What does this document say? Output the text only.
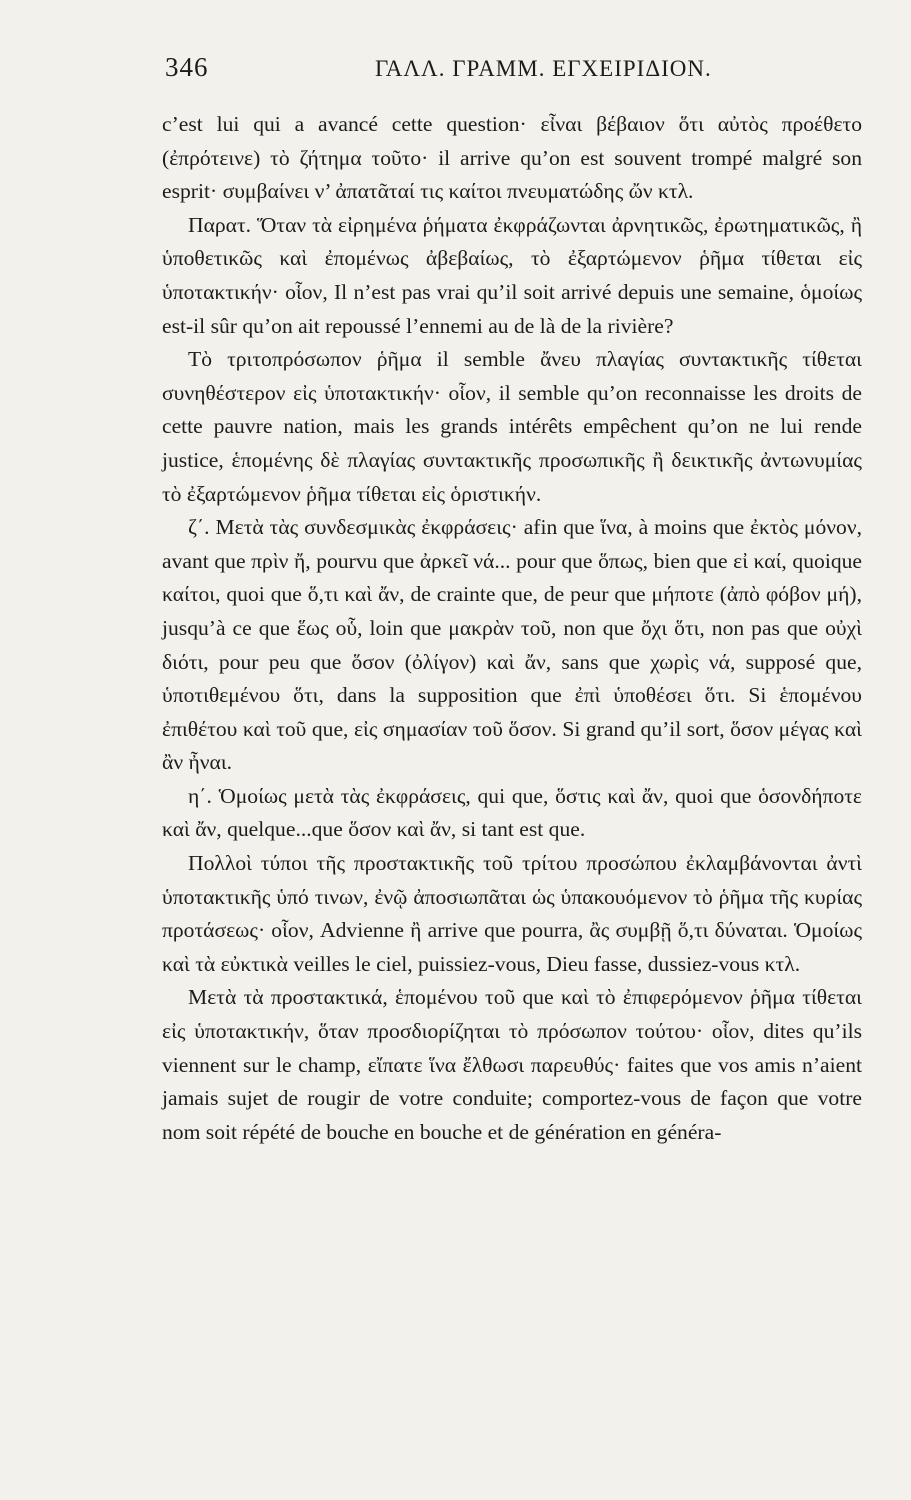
346	ΓΑΛΛ. ΓΡΑΜΜ. ΕΓΧΕΙΡΙΔΙΟΝ.

c’est lui qui a avancé cette question· εἶναι βέβαιον ὅτι αὐτὸς προέθετο (ἐπρότεινε) τὸ ζήτημα τοῦτο· il arrive qu’on est souvent trompé malgré son esprit· συμβαίνει ν’ ἀπατᾶταί τις καίτοι πνευματώδης ὤν κτλ.

Παρατ. Ὅταν τὰ εἰρημένα ῥήματα ἐκφράζωνται ἀρνητικῶς, ἐρωτηματικῶς, ἢ ὑποθετικῶς καὶ ἐπομένως ἀβεβαίως, τὸ ἐξαρτώμενον ῥῆμα τίθεται εἰς ὑποτακτικήν· οἷον, Il n’est pas vrai qu’il soit arrivé depuis une semaine, ὁμοίως est-il sûr qu’on ait repoussé l’ennemi au de là de la rivière?

Τὸ τριτοπρόσωπον ῥῆμα il semble ἄνευ πλαγίας συντακτικῆς τίθεται συνηθέστερον εἰς ὑποτακτικήν· οἷον, il semble qu’on reconnaisse les droits de cette pauvre nation, mais les grands intérêts empêchent qu’on ne lui rende justice, ἑπομένης δὲ πλαγίας συντακτικῆς προσωπικῆς ἢ δεικτικῆς ἀντωνυμίας τὸ ἐξαρτώμενον ῥῆμα τίθεται εἰς ὁριστικήν.

ζ΄. Μετὰ τὰς συνδεσμικὰς ἐκφράσεις· afin que ἵνα, à moins que ἐκτὸς μόνον, avant que πρὶν ἤ, pourvu que ἀρκεῖ νά... pour que ὅπως, bien que εἰ καί, quoique καίτοι, quoi que ὅ,τι καὶ ἄν, de crainte que, de peur que μήποτε (ἀπὸ φόβον μή), jusqu’à ce que ἕως οὗ, loin que μακρὰν τοῦ, non que ὄχι ὅτι, non pas que οὐχὶ διότι, pour peu que ὅσον (ὀλίγον) καὶ ἄν, sans que χωρὶς νά, supposé que, ὑποτιθεμένου ὅτι, dans la supposition que ἐπὶ ὑποθέσει ὅτι. Si ἑπομένου ἐπιθέτου καὶ τοῦ que, εἰς σημασίαν τοῦ ὅσον. Si grand qu’il sort, ὅσον μέγας καὶ ἂν ἦναι.

η΄. Ὁμοίως μετὰ τὰς ἐκφράσεις, qui que, ὅστις καὶ ἄν, quoi que ὁσονδήποτε καὶ ἄν, quelque...que ὅσον καὶ ἄν, si tant est que.

Πολλοὶ τύποι τῆς προστακτικῆς τοῦ τρίτου προσώπου ἐκλαμβάνονται ἀντὶ ὑποτακτικῆς ὑπό τινων, ἐνῷ ἀποσιωπᾶται ὡς ὑπακουόμενον τὸ ῥῆμα τῆς κυρίας προτάσεως· οἷον, Advienne ἢ arrive que pourra, ἂς συμβῇ ὅ,τι δύναται. Ὁμοίως καὶ τὰ εὐκτικὰ veilles le ciel, puissiez-vous, Dieu fasse, dussiez-vous κτλ.

Μετὰ τὰ προστακτικά, ἑπομένου τοῦ que καὶ τὸ ἐπιφερόμενον ῥῆμα τίθεται εἰς ὑποτακτικήν, ὅταν προσδιορίζηται τὸ πρόσωπον τούτου· οἷον, dites qu’ils viennent sur le champ, εἴπατε ἵνα ἔλθωσι παρευθύς· faites que vos amis n’aient jamais sujet de rougir de votre conduite; comportez-vous de façon que votre nom soit répété de bouche en bouche et de génération en généra-
